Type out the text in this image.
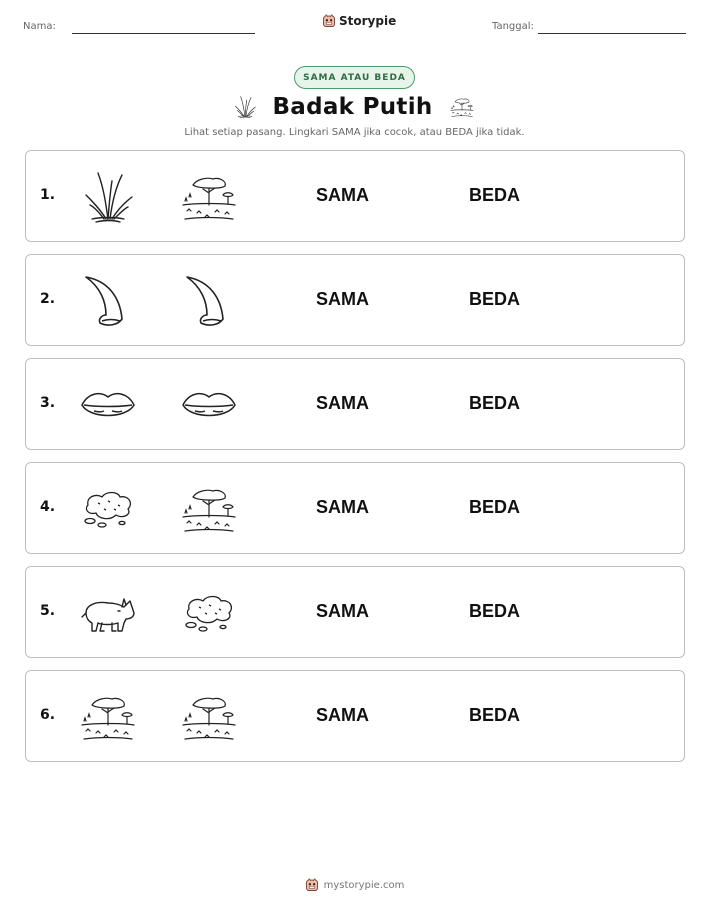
Nama:	Storypie	Tanggal:
SAMA ATAU BEDA
Badak Putih
Lihat setiap pasang. Lingkari SAMA jika cocok, atau BEDA jika tidak.
1.	SAMA	BEDA
2.	SAMA	BEDA
3.	SAMA	BEDA
4.	SAMA	BEDA
5.	SAMA	BEDA
6.	SAMA	BEDA
mystorypie.com
